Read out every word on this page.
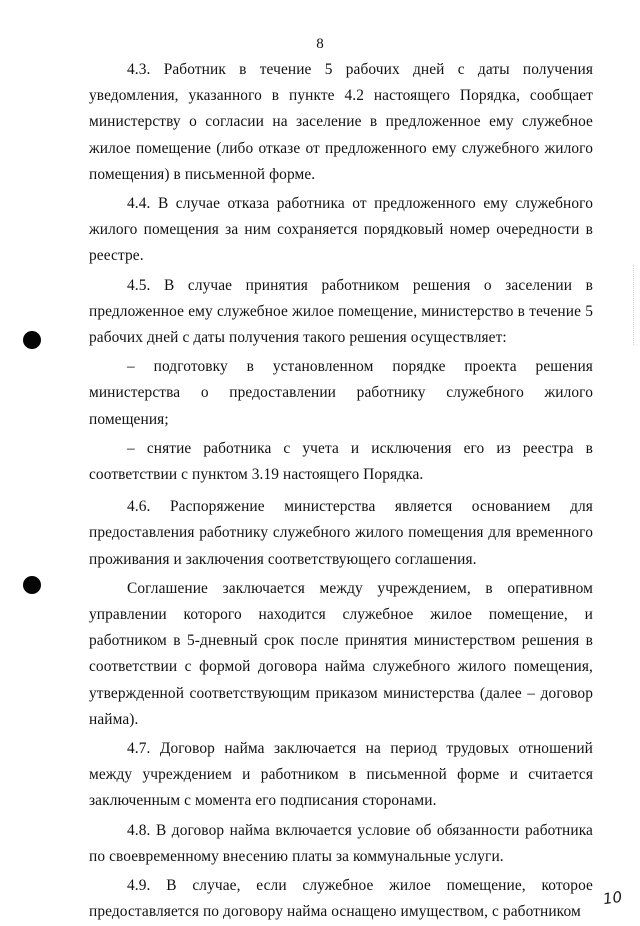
8

4.3. Работник в течение 5 рабочих дней с даты получения уведомления, указанного в пункте 4.2 настоящего Порядка, сообщает министерству о согласии на заселение в предложенное ему служебное жилое помещение (либо отказе от предложенного ему служебного жилого помещения) в письменной форме.

4.4. В случае отказа работника от предложенного ему служебного жилого помещения за ним сохраняется порядковый номер очередности в реестре.

4.5. В случае принятия работником решения о заселении в предложенное ему служебное жилое помещение, министерство в течение 5 рабочих дней с даты получения такого решения осуществляет:

– подготовку в установленном порядке проекта решения министерства о предоставлении работнику служебного жилого помещения;

– снятие работника с учета и исключения его из реестра в соответствии с пунктом 3.19 настоящего Порядка.

4.6. Распоряжение министерства является основанием для предоставления работнику служебного жилого помещения для временного проживания и заключения соответствующего соглашения.

Соглашение заключается между учреждением, в оперативном управлении которого находится служебное жилое помещение, и работником в 5-дневный срок после принятия министерством решения в соответствии с формой договора найма служебного жилого помещения, утвержденной соответствующим приказом министерства (далее – договор найма).

4.7. Договор найма заключается на период трудовых отношений между учреждением и работником в письменной форме и считается заключенным с момента его подписания сторонами.

4.8. В договор найма включается условие об обязанности работника по своевременному внесению платы за коммунальные услуги.

4.9. В случае, если служебное жилое помещение, которое предоставляется по договору найма оснащено имуществом, с работником

10
